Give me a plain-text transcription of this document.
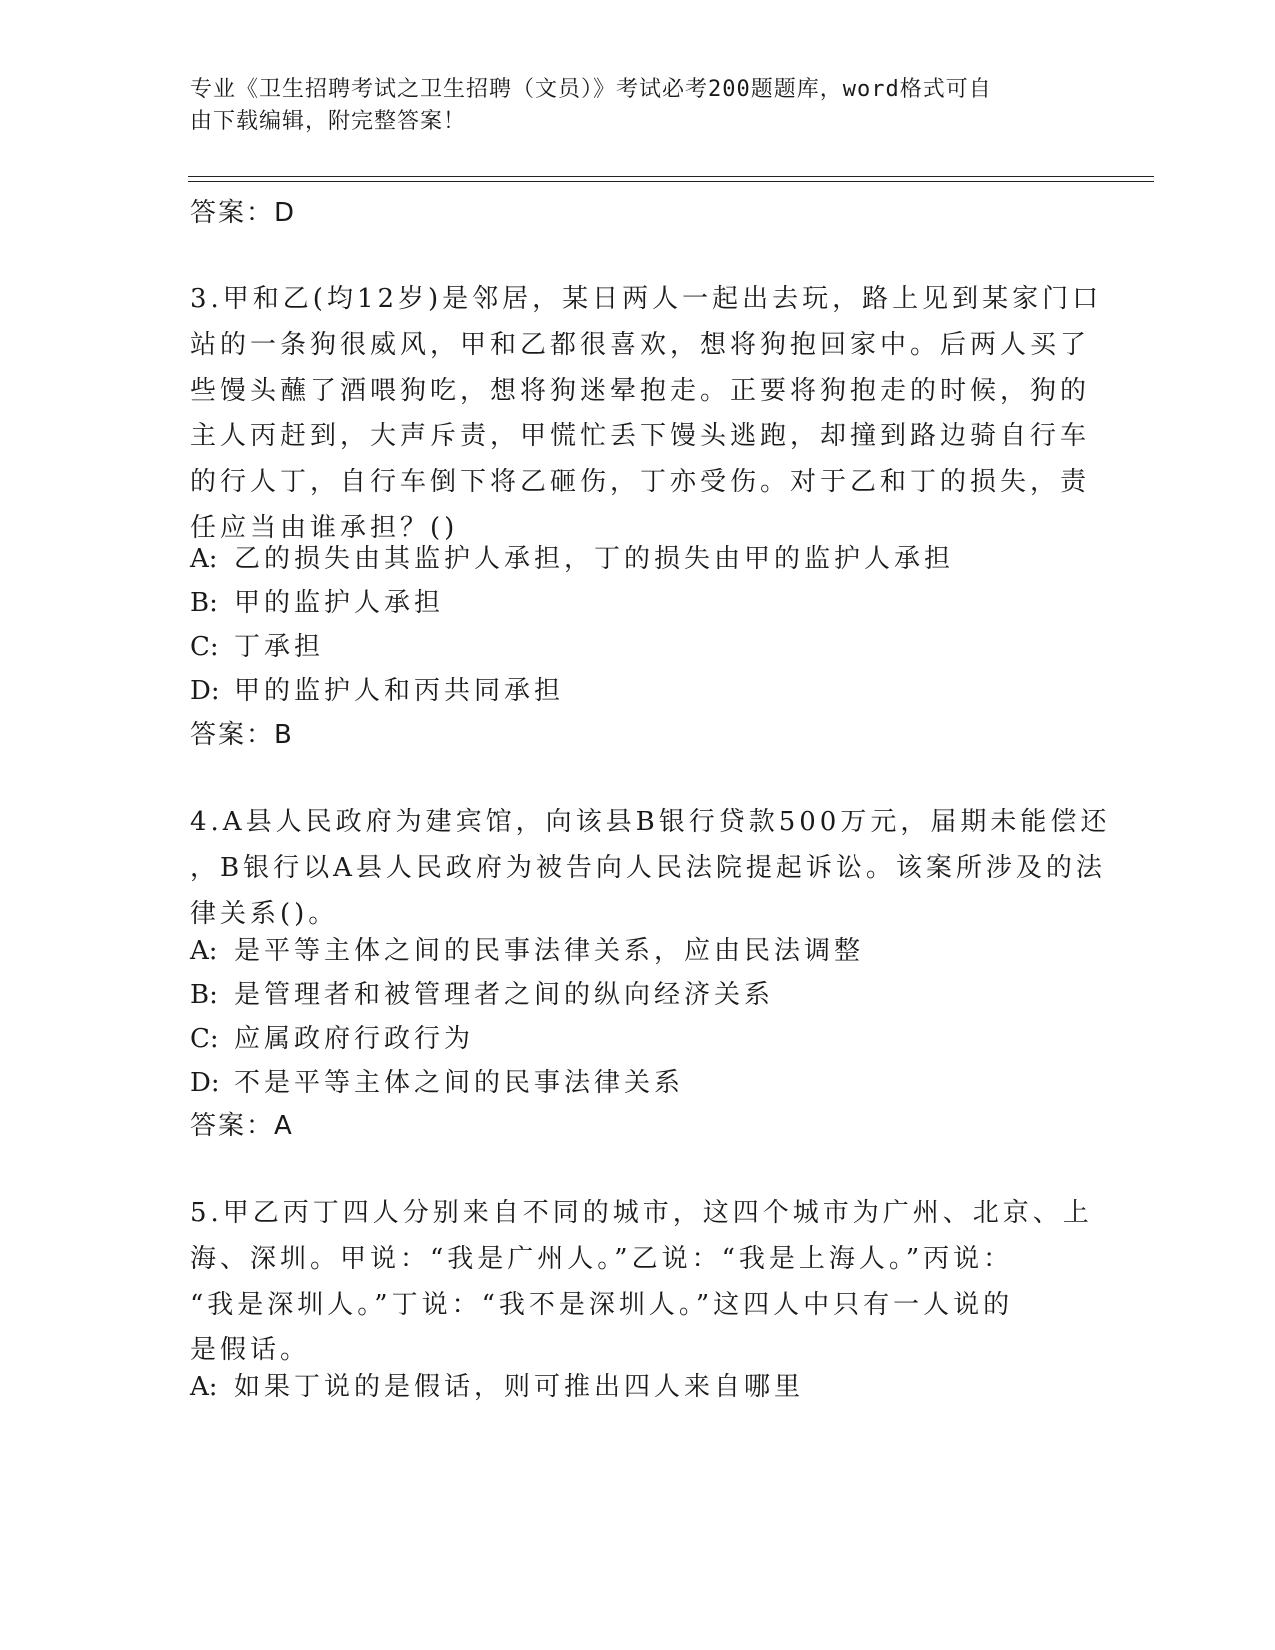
专业《卫生招聘考试之卫生招聘（文员）》考试必考200题题库，word格式可自
由下载编辑，附完整答案！
答案：D
3.甲和乙(均12岁)是邻居，某日两人一起出去玩，路上见到某家门口
站的一条狗很威风，甲和乙都很喜欢，想将狗抱回家中。后两人买了
些馒头蘸了酒喂狗吃，想将狗迷晕抱走。正要将狗抱走的时候，狗的
主人丙赶到，大声斥责，甲慌忙丢下馒头逃跑，却撞到路边骑自行车
的行人丁，自行车倒下将乙砸伤，丁亦受伤。对于乙和丁的损失，责
任应当由谁承担？()
A: 乙的损失由其监护人承担，丁的损失由甲的监护人承担
B: 甲的监护人承担
C: 丁承担
D: 甲的监护人和丙共同承担
答案：B
4.A县人民政府为建宾馆，向该县B银行贷款500万元，届期未能偿还
，B银行以A县人民政府为被告向人民法院提起诉讼。该案所涉及的法
律关系()。
A: 是平等主体之间的民事法律关系，应由民法调整
B: 是管理者和被管理者之间的纵向经济关系
C: 应属政府行政行为
D: 不是平等主体之间的民事法律关系
答案：A
5.甲乙丙丁四人分别来自不同的城市，这四个城市为广州、北京、上
海、深圳。甲说：“我是广州人。”乙说：“我是上海人。”丙说：
“我是深圳人。”丁说：“我不是深圳人。”这四人中只有一人说的
是假话。
A: 如果丁说的是假话，则可推出四人来自哪里
